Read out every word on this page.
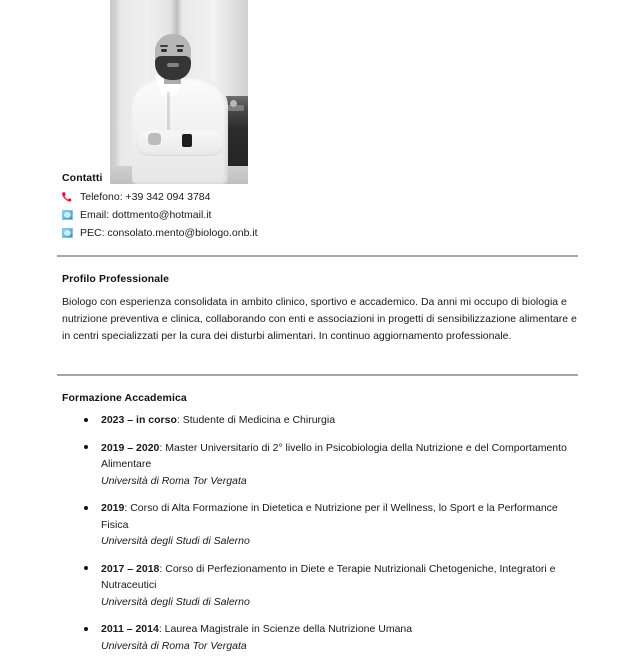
Contatti
Telefono: +39 342 094 3784
Email: dottmento@hotmail.it
PEC: consolato.mento@biologo.onb.it
Profilo Professionale
Biologo con esperienza consolidata in ambito clinico, sportivo e accademico. Da anni mi occupo di biologia e nutrizione preventiva e clinica, collaborando con enti e associazioni in progetti di sensibilizzazione alimentare e in centri specializzati per la cura dei disturbi alimentari. In continuo aggiornamento professionale.
Formazione Accademica
2023 – in corso: Studente di Medicina e Chirurgia
2019 – 2020: Master Universitario di 2° livello in Psicobiologia della Nutrizione e del Comportamento Alimentare
Università di Roma Tor Vergata
2019: Corso di Alta Formazione in Dietetica e Nutrizione per il Wellness, lo Sport e la Performance Fisica
Università degli Studi di Salerno
2017 – 2018: Corso di Perfezionamento in Diete e Terapie Nutrizionali Chetogeniche, Integratori e Nutraceutici
Università degli Studi di Salerno
2011 – 2014: Laurea Magistrale in Scienze della Nutrizione Umana
Università di Roma Tor Vergata
